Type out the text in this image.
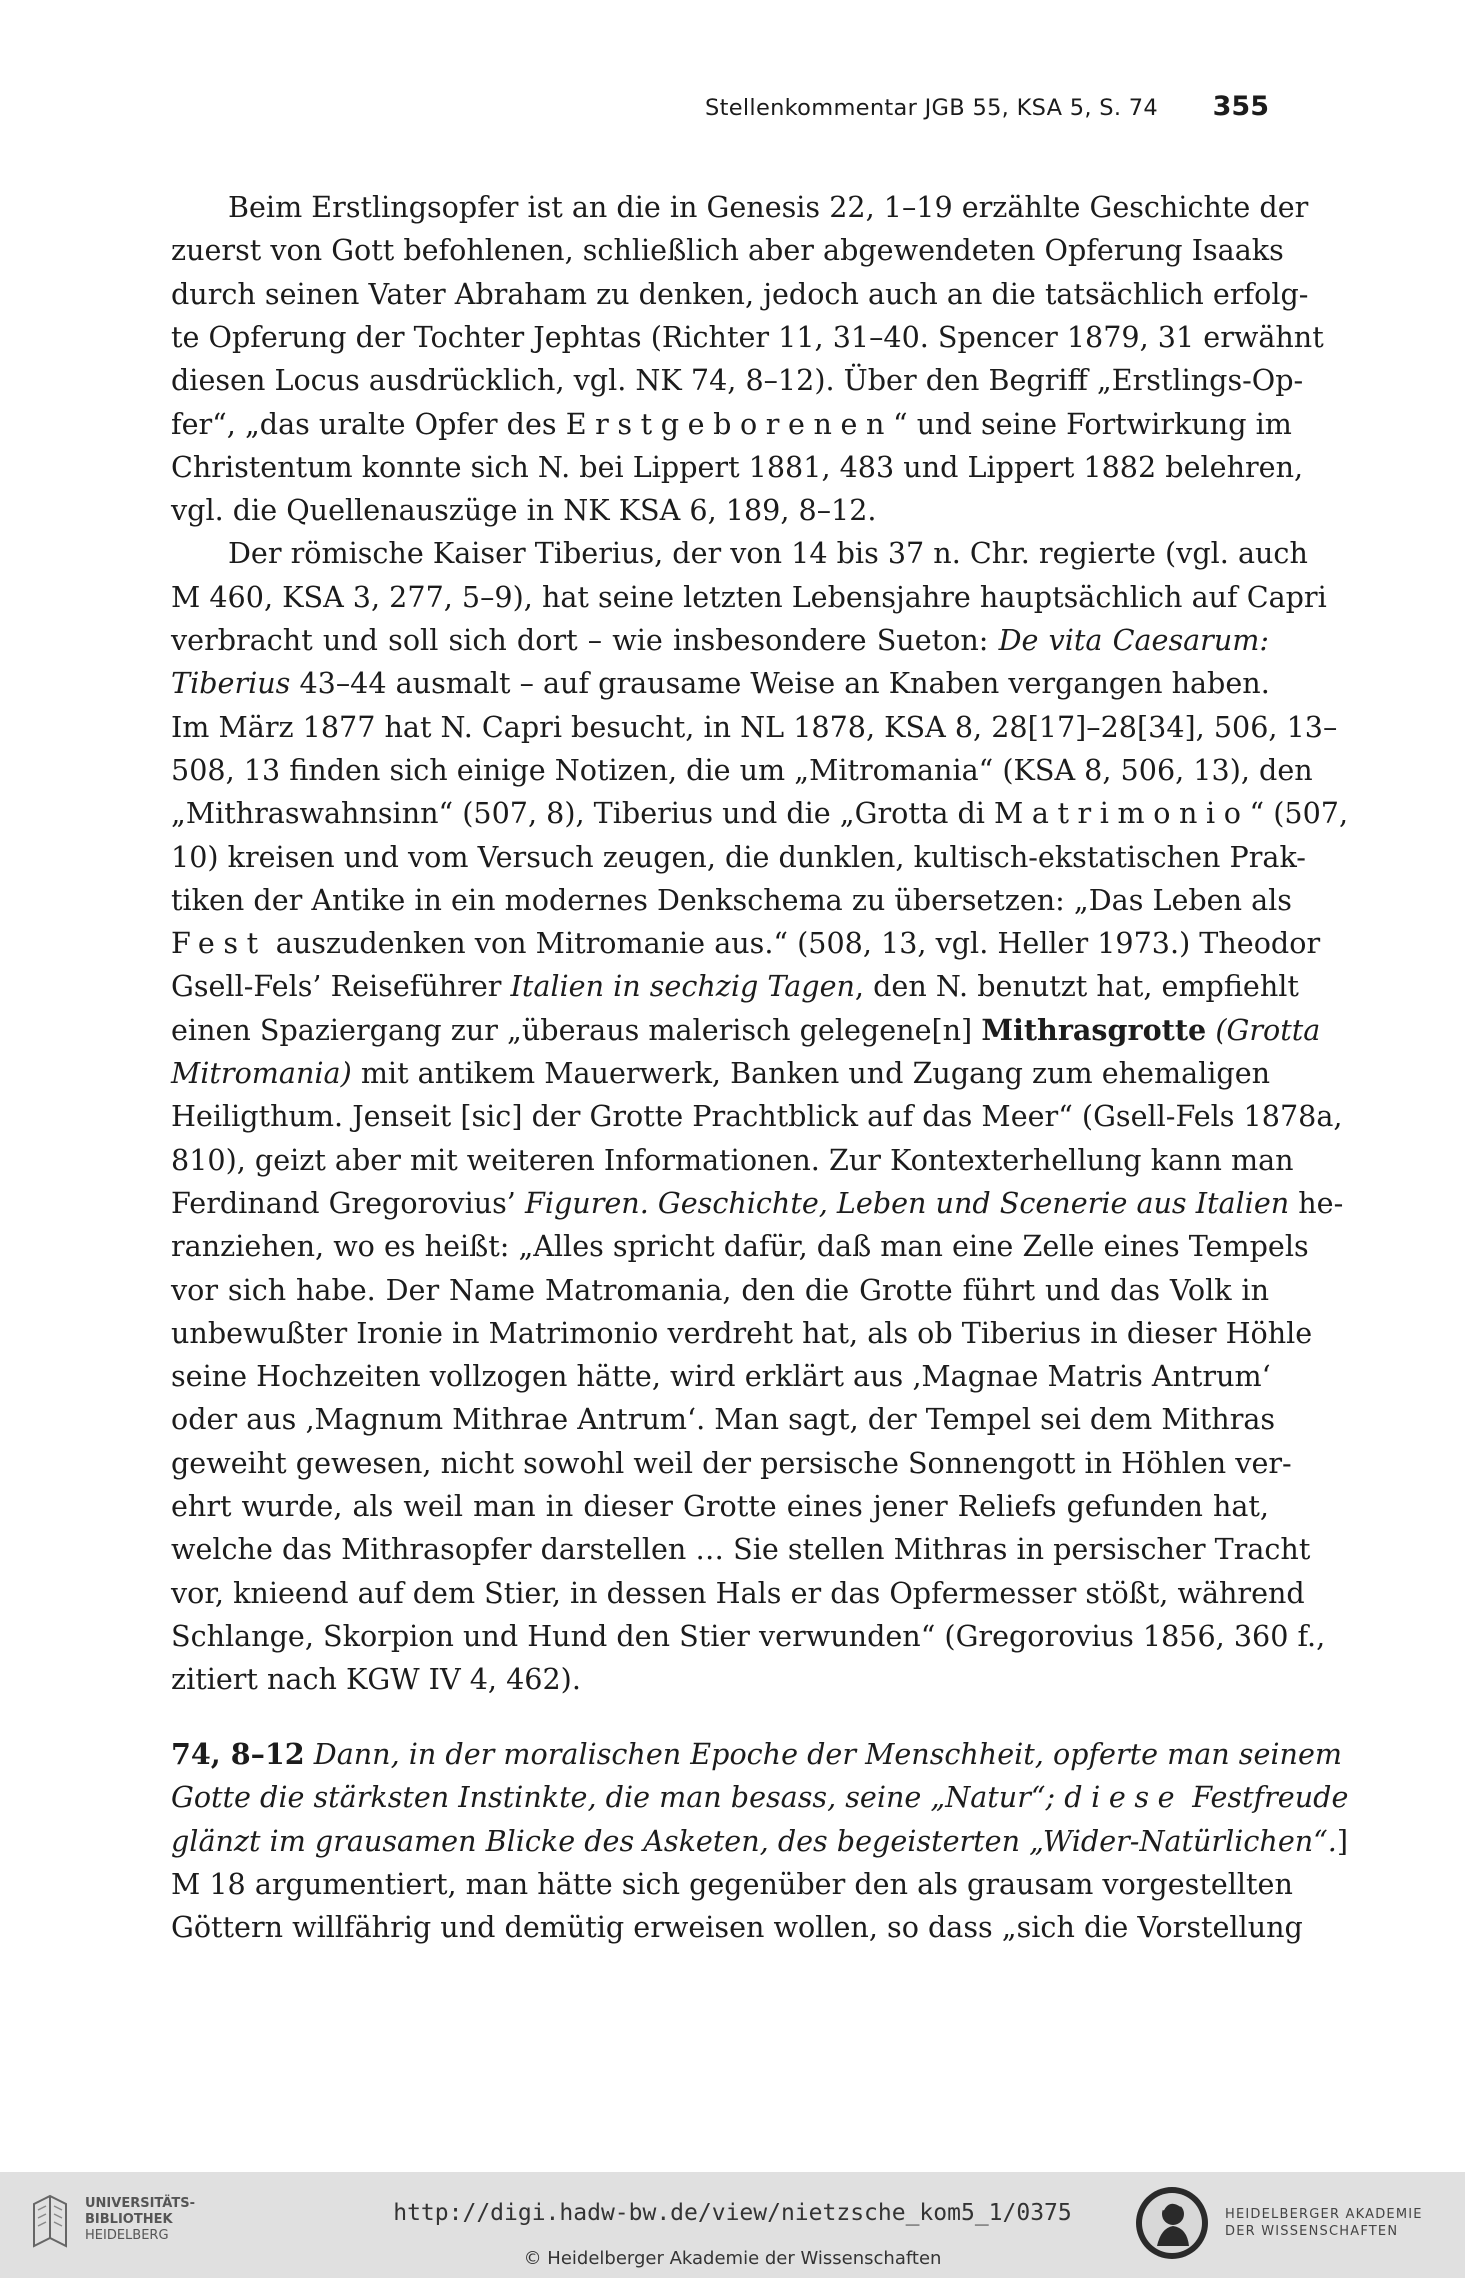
Stellenkommentar JGB 55, KSA 5, S. 74 355
Beim Erstlingsopfer ist an die in Genesis 22, 1–19 erzählte Geschichte der
zuerst von Gott befohlenen, schließlich aber abgewendeten Opferung Isaaks
durch seinen Vater Abraham zu denken, jedoch auch an die tatsächlich erfolg-
te Opferung der Tochter Jephtas (Richter 11, 31–40. Spencer 1879, 31 erwähnt
diesen Locus ausdrücklich, vgl. NK 74, 8–12). Über den Begriff „Erstlings-Op-
fer“, „das uralte Opfer des Erstgeborenen“ und seine Fortwirkung im
Christentum konnte sich N. bei Lippert 1881, 483 und Lippert 1882 belehren,
vgl. die Quellenauszüge in NK KSA 6, 189, 8–12.
Der römische Kaiser Tiberius, der von 14 bis 37 n. Chr. regierte (vgl. auch
M 460, KSA 3, 277, 5–9), hat seine letzten Lebensjahre hauptsächlich auf Capri
verbracht und soll sich dort – wie insbesondere Sueton: De vita Caesarum:
Tiberius 43–44 ausmalt – auf grausame Weise an Knaben vergangen haben.
Im März 1877 hat N. Capri besucht, in NL 1878, KSA 8, 28[17]–28[34], 506, 13–
508, 13 finden sich einige Notizen, die um „Mitromania“ (KSA 8, 506, 13), den
„Mithraswahnsinn“ (507, 8), Tiberius und die „Grotta di Matrimonio“ (507,
10) kreisen und vom Versuch zeugen, die dunklen, kultisch-ekstatischen Prak-
tiken der Antike in ein modernes Denkschema zu übersetzen: „Das Leben als
Fest auszudenken von Mitromanie aus.“ (508, 13, vgl. Heller 1973.) Theodor
Gsell-Fels’ Reiseführer Italien in sechzig Tagen, den N. benutzt hat, empfiehlt
einen Spaziergang zur „überaus malerisch gelegene[n] Mithrasgrotte (Grotta
Mitromania) mit antikem Mauerwerk, Banken und Zugang zum ehemaligen
Heiligthum. Jenseit [sic] der Grotte Prachtblick auf das Meer“ (Gsell-Fels 1878a,
810), geizt aber mit weiteren Informationen. Zur Kontexterhellung kann man
Ferdinand Gregorovius’ Figuren. Geschichte, Leben und Scenerie aus Italien he-
ranziehen, wo es heißt: „Alles spricht dafür, daß man eine Zelle eines Tempels
vor sich habe. Der Name Matromania, den die Grotte führt und das Volk in
unbewußter Ironie in Matrimonio verdreht hat, als ob Tiberius in dieser Höhle
seine Hochzeiten vollzogen hätte, wird erklärt aus ‚Magnae Matris Antrum‘
oder aus ‚Magnum Mithrae Antrum‘. Man sagt, der Tempel sei dem Mithras
geweiht gewesen, nicht sowohl weil der persische Sonnengott in Höhlen ver-
ehrt wurde, als weil man in dieser Grotte eines jener Reliefs gefunden hat,
welche das Mithrasopfer darstellen … Sie stellen Mithras in persischer Tracht
vor, knieend auf dem Stier, in dessen Hals er das Opfermesser stößt, während
Schlange, Skorpion und Hund den Stier verwunden“ (Gregorovius 1856, 360 f.,
zitiert nach KGW IV 4, 462).
74, 8–12 Dann, in der moralischen Epoche der Menschheit, opferte man seinem
Gotte die stärksten Instinkte, die man besass, seine „Natur“; diese Festfreude
glänzt im grausamen Blicke des Asketen, des begeisterten „Wider-Natürlichen“.]
M 18 argumentiert, man hätte sich gegenüber den als grausam vorgestellten
Göttern willfährig und demütig erweisen wollen, so dass „sich die Vorstellung
UNIVERSITÄTS-
BIBLIOTHEK
HEIDELBERG
http://digi.hadw-bw.de/view/nietzsche_kom5_1/0375
© Heidelberger Akademie der Wissenschaften
HEIDELBERGER AKADEMIE
DER WISSENSCHAFTEN
